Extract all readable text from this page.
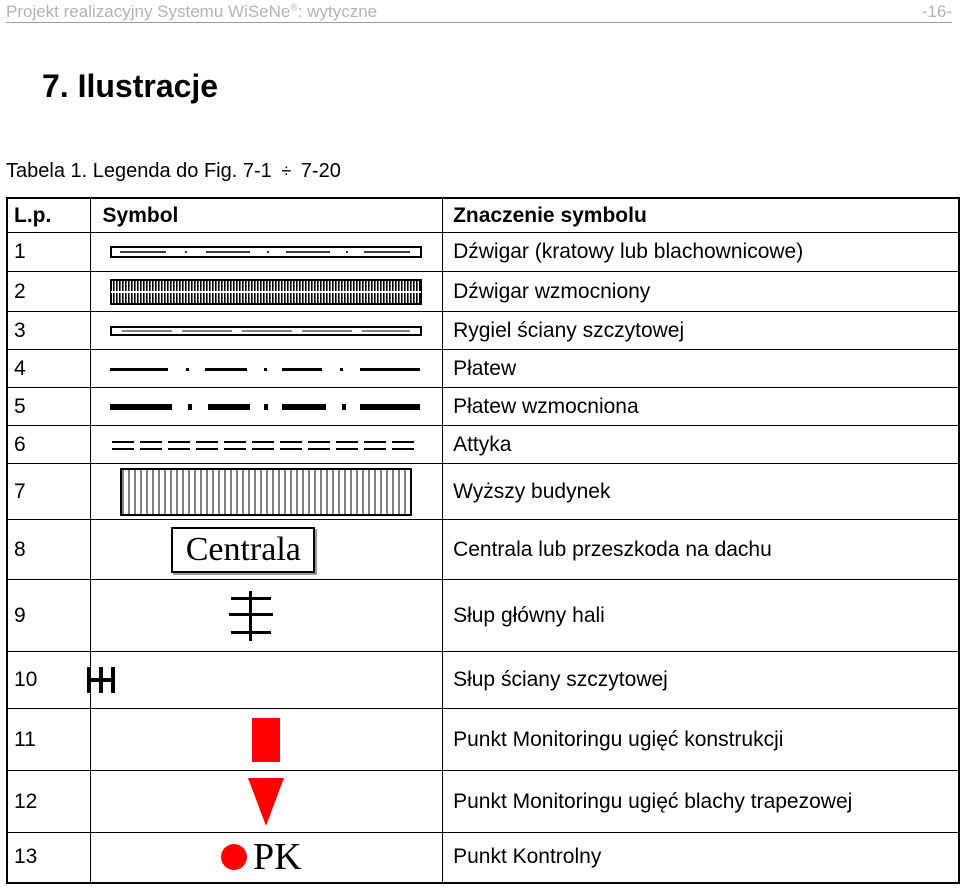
Projekt realizacyjny Systemu WiSeNe®: wytyczne	-16-
7. Ilustracje
Tabela 1. Legenda do Fig. 7-1 ÷ 7-20
L.p.	Symbol	Znaczenie symbolu
1		Dźwigar (kratowy lub blachownicowe)
2		Dźwigar wzmocniony
3		Rygiel ściany szczytowej
4		Płatew
5		Płatew wzmocniona
6		Attyka
7		Wyższy budynek
8	Centrala	Centrala lub przeszkoda na dachu
9		Słup główny hali
10		Słup ściany szczytowej
11		Punkt Monitoringu ugięć konstrukcji
12		Punkt Monitoringu ugięć blachy trapezowej
13	PK	Punkt Kontrolny
